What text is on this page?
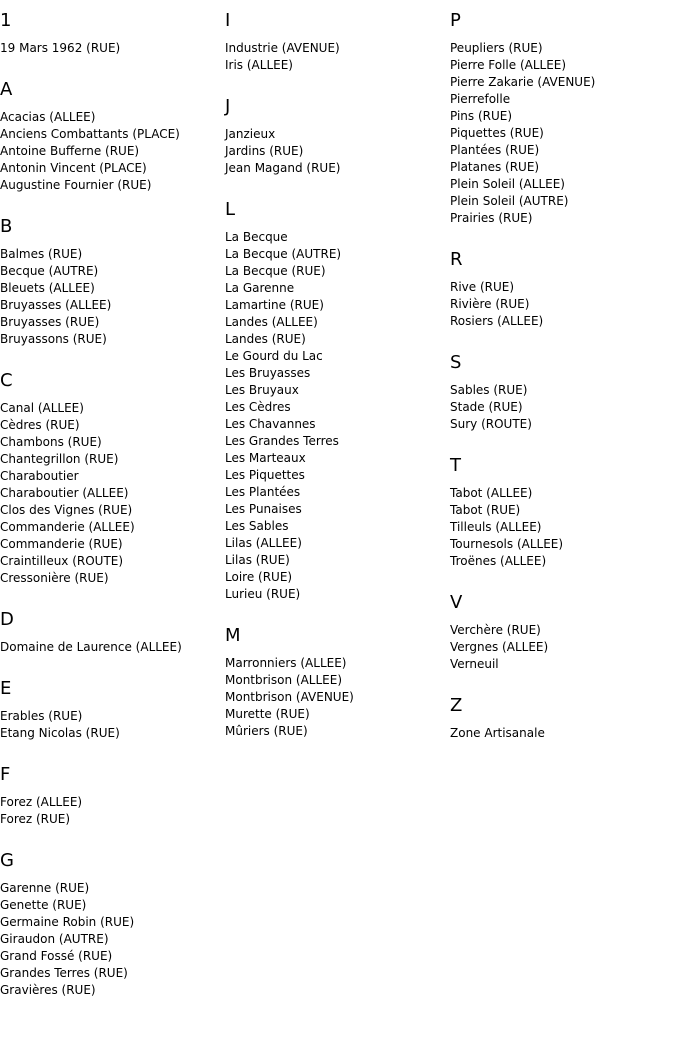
1
19 Mars 1962 (RUE)
A
Acacias (ALLEE)
Anciens Combattants (PLACE)
Antoine Bufferne (RUE)
Antonin Vincent (PLACE)
Augustine Fournier (RUE)
B
Balmes (RUE)
Becque (AUTRE)
Bleuets (ALLEE)
Bruyasses (ALLEE)
Bruyasses (RUE)
Bruyassons (RUE)
C
Canal (ALLEE)
Cèdres (RUE)
Chambons (RUE)
Chantegrillon (RUE)
Charaboutier
Charaboutier (ALLEE)
Clos des Vignes (RUE)
Commanderie (ALLEE)
Commanderie (RUE)
Craintilleux (ROUTE)
Cressonière (RUE)
D
Domaine de Laurence (ALLEE)
E
Erables (RUE)
Etang Nicolas (RUE)
F
Forez (ALLEE)
Forez (RUE)
G
Garenne (RUE)
Genette (RUE)
Germaine Robin (RUE)
Giraudon (AUTRE)
Grand Fossé (RUE)
Grandes Terres (RUE)
Gravières (RUE)
I
Industrie (AVENUE)
Iris (ALLEE)
J
Janzieux
Jardins (RUE)
Jean Magand (RUE)
L
La Becque
La Becque (AUTRE)
La Becque (RUE)
La Garenne
Lamartine (RUE)
Landes (ALLEE)
Landes (RUE)
Le Gourd du Lac
Les Bruyasses
Les Bruyaux
Les Cèdres
Les Chavannes
Les Grandes Terres
Les Marteaux
Les Piquettes
Les Plantées
Les Punaises
Les Sables
Lilas (ALLEE)
Lilas (RUE)
Loire (RUE)
Lurieu (RUE)
M
Marronniers (ALLEE)
Montbrison (ALLEE)
Montbrison (AVENUE)
Murette (RUE)
Mûriers (RUE)
P
Peupliers (RUE)
Pierre Folle (ALLEE)
Pierre Zakarie (AVENUE)
Pierrefolle
Pins (RUE)
Piquettes (RUE)
Plantées (RUE)
Platanes (RUE)
Plein Soleil (ALLEE)
Plein Soleil (AUTRE)
Prairies (RUE)
R
Rive (RUE)
Rivière (RUE)
Rosiers (ALLEE)
S
Sables (RUE)
Stade (RUE)
Sury (ROUTE)
T
Tabot (ALLEE)
Tabot (RUE)
Tilleuls (ALLEE)
Tournesols (ALLEE)
Troënes (ALLEE)
V
Verchère (RUE)
Vergnes (ALLEE)
Verneuil
Z
Zone Artisanale
